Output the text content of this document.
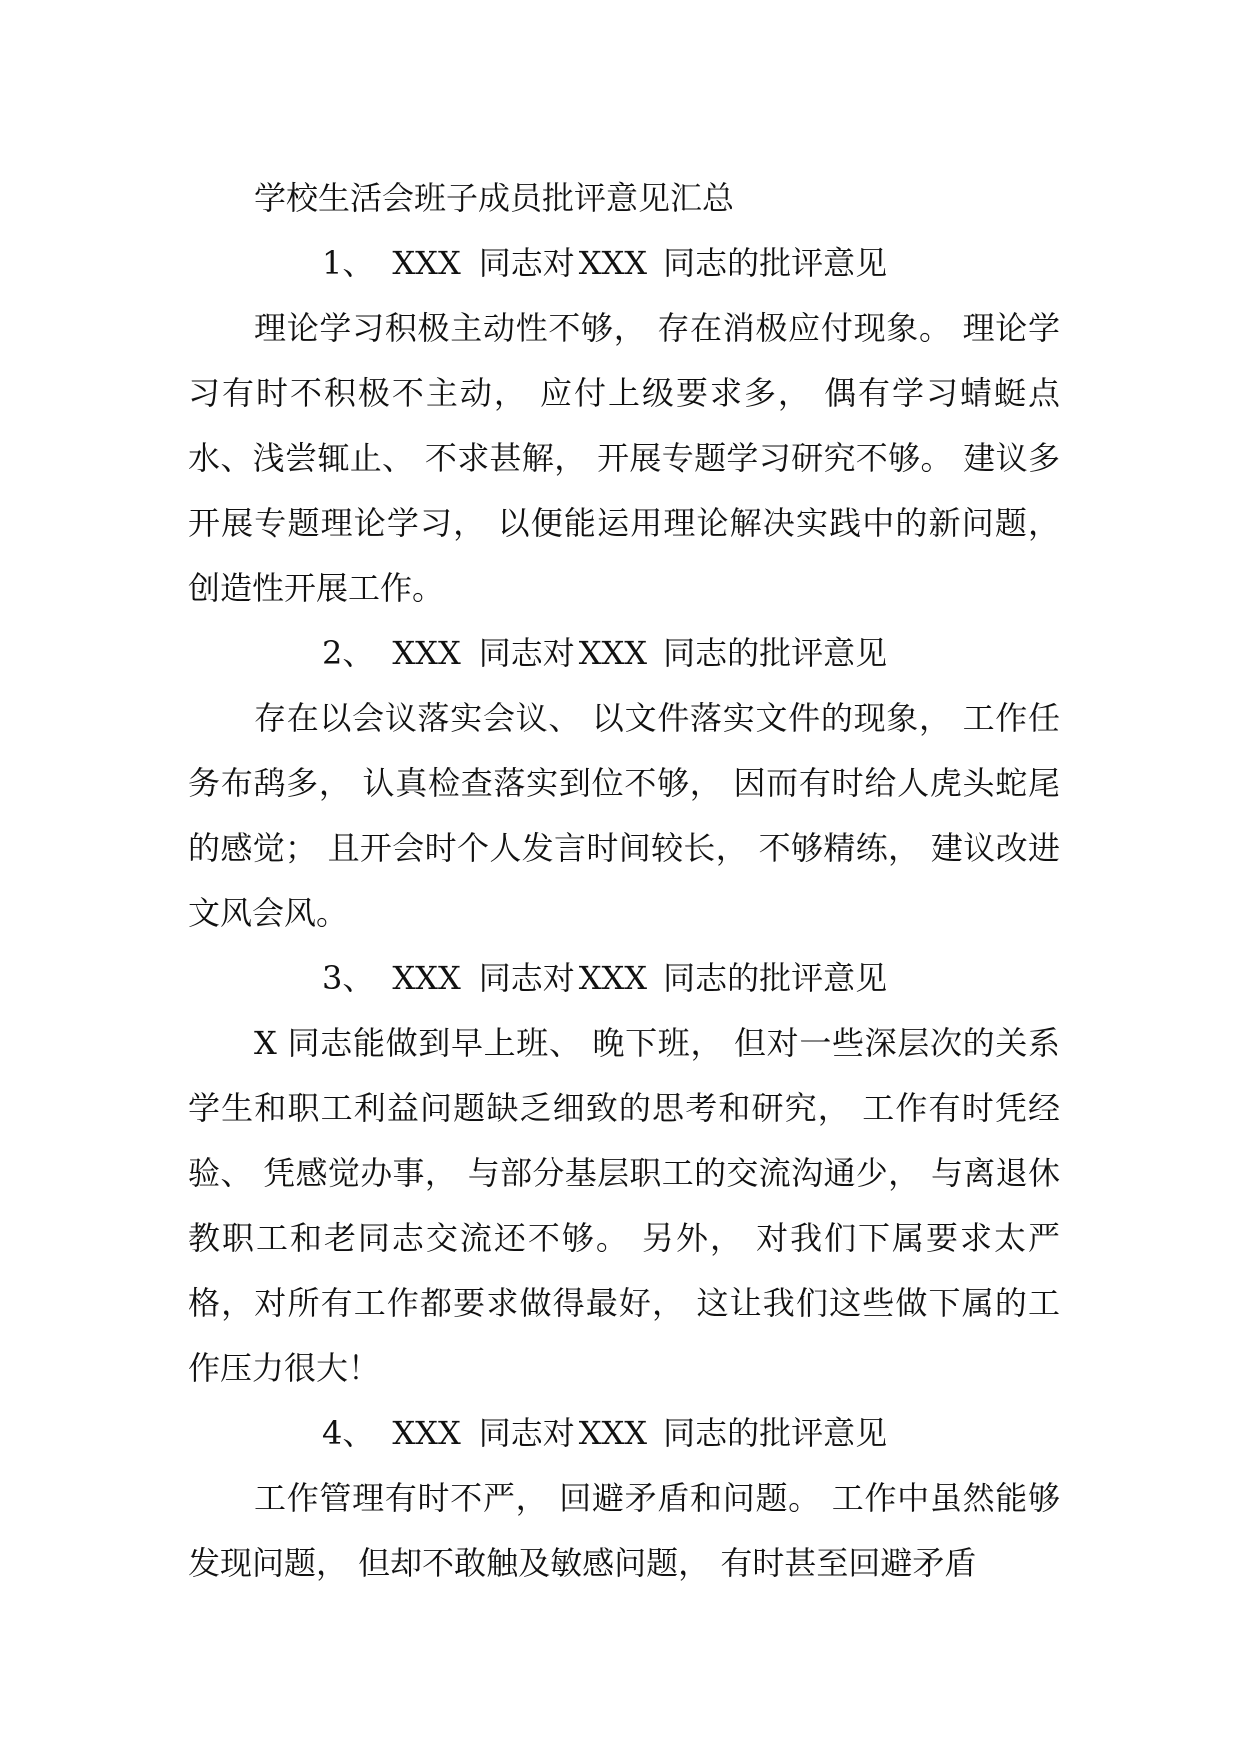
学校生活会班子成员批评意见汇总
1、 XXX 同志对 XXX 同志的批评意见

理论学习积极主动性不够， 存在消极应付现象。 理论学习有时不积极不主动， 应付上级要求多， 偶有学习蜻蜓点水、浅尝辄止、 不求甚解， 开展专题学习研究不够。 建议多开展专题理论学习， 以便能运用理论解决实践中的新问题， 创造性开展工作。

2、 XXX 同志对 XXX 同志的批评意见

存在以会议落实会议、 以文件落实文件的现象， 工作任务布鸹多， 认真检查落实到位不够， 因而有时给人虎头蛇尾的感觉； 且开会时个人发言时间较长， 不够精练， 建议改进文风会风。

3、 XXX 同志对 XXX 同志的批评意见

X 同志能做到早上班、 晚下班， 但对一些深层次的关系学生和职工利益问题缺乏细致的思考和研究， 工作有时凭经验、 凭感觉办事， 与部分基层职工的交流沟通少， 与离退休教职工和老同志交流还不够。 另外， 对我们下属要求太严格，对所有工作都要求做得最好， 这让我们这些做下属的工作压力很大！

4、 XXX 同志对 XXX 同志的批评意见

工作管理有时不严， 回避矛盾和问题。 工作中虽然能够发现问题， 但却不敢触及敏感问题， 有时甚至回避矛盾
